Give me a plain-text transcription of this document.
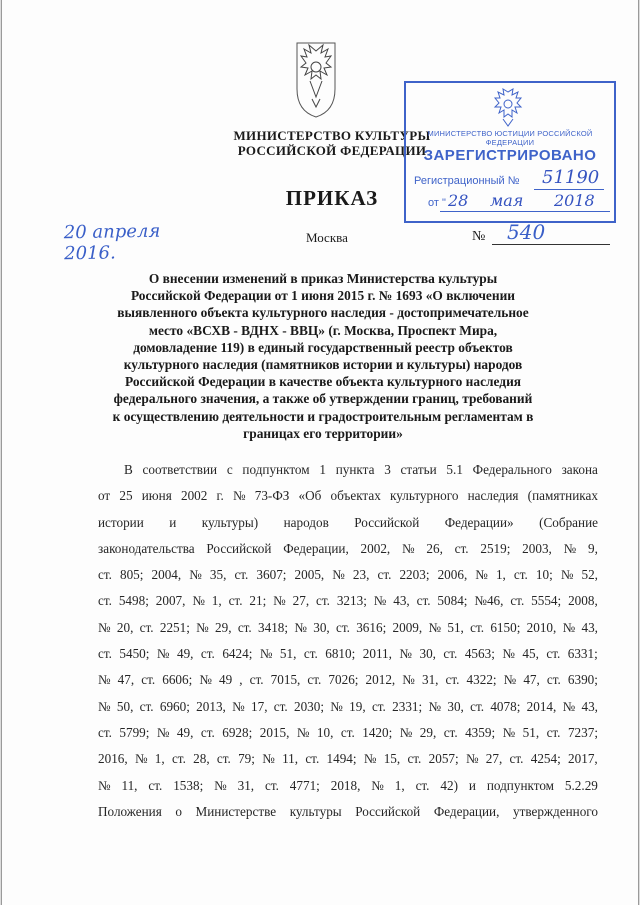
МИНИСТЕРСТВО КУЛЬТУРЫ
РОССИЙСКОЙ ФЕДЕРАЦИИ
ПРИКАЗ
20 апреля 2016.
Москва	№ 540
МИНИСТЕРСТВО ЮСТИЦИИ РОССИЙСКОЙ ФЕДЕРАЦИИ
ЗАРЕГИСТРИРОВАНО
Регистрационный № 51190
от " 28 мая 2018
О внесении изменений в приказ Министерства культуры
Российской Федерации от 1 июня 2015 г. № 1693 «О включении
выявленного объекта культурного наследия - достопримечательное
место «ВСХВ - ВДНХ - ВВЦ» (г. Москва, Проспект Мира,
домовладение 119) в единый государственный реестр объектов
культурного наследия (памятников истории и культуры) народов
Российской Федерации в качестве объекта культурного наследия
федерального значения, а также об утверждении границ, требований
к осуществлению деятельности и градостроительным регламентам в
границах его территории»
В соответствии с подпунктом 1 пункта 3 статьи 5.1 Федерального закона
от 25 июня 2002 г. № 73-ФЗ «Об объектах культурного наследия (памятниках
истории и культуры) народов Российской Федерации» (Собрание
законодательства Российской Федерации, 2002, № 26, ст. 2519; 2003, № 9,
ст. 805; 2004, № 35, ст. 3607; 2005, № 23, ст. 2203; 2006, № 1, ст. 10; № 52,
ст. 5498; 2007, № 1, ст. 21; № 27, ст. 3213; № 43, ст. 5084; №46, ст. 5554; 2008,
№ 20, ст. 2251; № 29, ст. 3418; № 30, ст. 3616; 2009, № 51, ст. 6150; 2010, № 43,
ст. 5450; № 49, ст. 6424; № 51, ст. 6810; 2011, № 30, ст. 4563; № 45, ст. 6331;
№ 47, ст. 6606; № 49 , ст. 7015, ст. 7026; 2012, № 31, ст. 4322; № 47, ст. 6390;
№ 50, ст. 6960; 2013, № 17, ст. 2030; № 19, ст. 2331; № 30, ст. 4078; 2014, № 43,
ст. 5799; № 49, ст. 6928; 2015, № 10, ст. 1420; № 29, ст. 4359; № 51, ст. 7237;
2016, № 1, ст. 28, ст. 79; № 11, ст. 1494; № 15, ст. 2057; № 27, ст. 4254; 2017,
№ 11, ст. 1538; № 31, ст. 4771; 2018, № 1, ст. 42) и подпунктом 5.2.29
Положения о Министерстве культуры Российской Федерации, утвержденного
